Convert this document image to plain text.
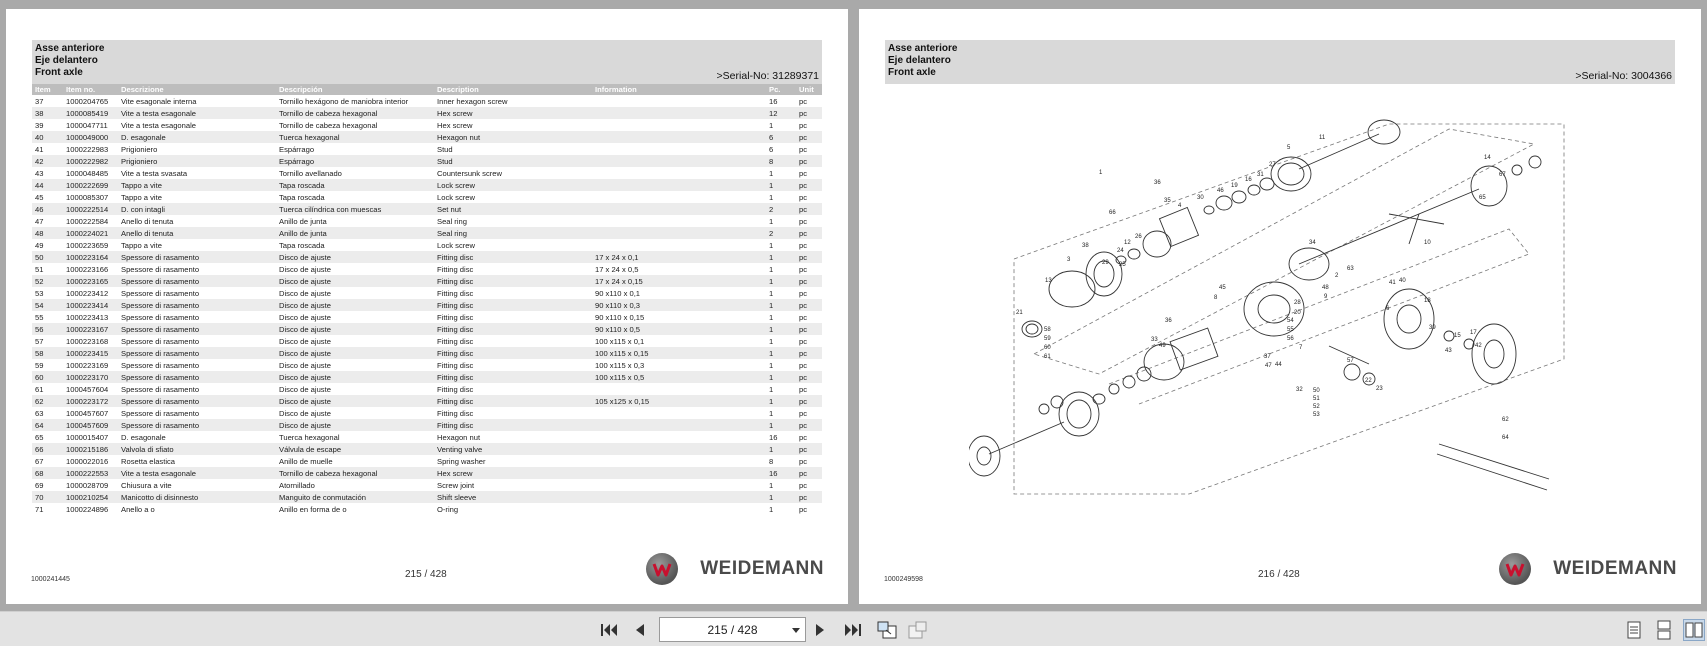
Asse anteriore
Eje delantero
Front axle	>Serial-No: 31289371
Item	Item no.	Descrizione	Descripción	Description	Information	Pc.	Unit
37	1000204765	Vite esagonale interna	Tornillo hexágono de maniobra interior	Inner hexagon screw		16	pc
38	1000085419	Vite a testa esagonale	Tornillo de cabeza hexagonal	Hex screw		12	pc
39	1000047711	Vite a testa esagonale	Tornillo de cabeza hexagonal	Hex screw		1	pc
40	1000049000	D. esagonale	Tuerca hexagonal	Hexagon nut		6	pc
41	1000222983	Prigioniero	Espárrago	Stud		6	pc
42	1000222982	Prigioniero	Espárrago	Stud		8	pc
43	1000048485	Vite a testa svasata	Tornillo avellanado	Countersunk screw		1	pc
44	1000222699	Tappo a vite	Tapa roscada	Lock screw		1	pc
45	1000085307	Tappo a vite	Tapa roscada	Lock screw		1	pc
46	1000222514	D. con intagli	Tuerca cilíndrica con muescas	Set nut		2	pc
47	1000222584	Anello di tenuta	Anillo de junta	Seal ring		1	pc
48	1000224021	Anello di tenuta	Anillo de junta	Seal ring		2	pc
49	1000223659	Tappo a vite	Tapa roscada	Lock screw		1	pc
50	1000223164	Spessore di rasamento	Disco de ajuste	Fitting disc	17 x 24 x 0,1	1	pc
51	1000223166	Spessore di rasamento	Disco de ajuste	Fitting disc	17 x 24 x 0,5	1	pc
52	1000223165	Spessore di rasamento	Disco de ajuste	Fitting disc	17 x 24 x 0,15	1	pc
53	1000223412	Spessore di rasamento	Disco de ajuste	Fitting disc	90 x110 x 0,1	1	pc
54	1000223414	Spessore di rasamento	Disco de ajuste	Fitting disc	90 x110 x 0,3	1	pc
55	1000223413	Spessore di rasamento	Disco de ajuste	Fitting disc	90 x110 x 0,15	1	pc
56	1000223167	Spessore di rasamento	Disco de ajuste	Fitting disc	90 x110 x 0,5	1	pc
57	1000223168	Spessore di rasamento	Disco de ajuste	Fitting disc	100 x115 x 0,1	1	pc
58	1000223415	Spessore di rasamento	Disco de ajuste	Fitting disc	100 x115 x 0,15	1	pc
59	1000223169	Spessore di rasamento	Disco de ajuste	Fitting disc	100 x115 x 0,3	1	pc
60	1000223170	Spessore di rasamento	Disco de ajuste	Fitting disc	100 x115 x 0,5	1	pc
61	1000457604	Spessore di rasamento	Disco de ajuste	Fitting disc		1	pc
62	1000223172	Spessore di rasamento	Disco de ajuste	Fitting disc	105 x125 x 0,15	1	pc
63	1000457607	Spessore di rasamento	Disco de ajuste	Fitting disc		1	pc
64	1000457609	Spessore di rasamento	Disco de ajuste	Fitting disc		1	pc
65	1000015407	D. esagonale	Tuerca hexagonal	Hexagon nut		16	pc
66	1000215186	Valvola di sfiato	Válvula de escape	Venting valve		1	pc
67	1000022016	Rosetta elastica	Anillo de muelle	Spring washer		8	pc
68	1000222553	Vite a testa esagonale	Tornillo de cabeza hexagonal	Hex screw		16	pc
69	1000028709	Chiusura a vite	Atornillado	Screw joint		1	pc
70	1000210254	Manicotto di disinnesto	Manguito de conmutación	Shift sleeve		1	pc
71	1000224896	Anello a o	Anillo en forma de o	O-ring		1	pc
1000241445	215 / 428	WEIDEMANN
Asse anteriore
Eje delantero
Front axle	>Serial-No: 3004366
1
36
35
4
30
46
19
16
31
27
5
11
14
67
65
66
10
38
3	29
24
12
26
25
13
21
58
59
60
61
34
63
2
48
45
8	9
28
6
41 40
18
15 17
42
39
43
33
36
49
20
54
55
56
57
22
23
32 50
51
52
53
47 44
37
7
62
64
1000249598	216 / 428	WEIDEMANN
215 / 428
